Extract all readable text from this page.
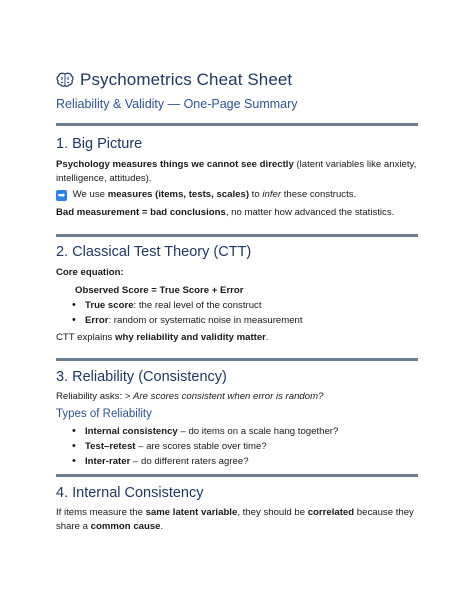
Psychometrics Cheat Sheet
Reliability & Validity — One-Page Summary
1. Big Picture
Psychology measures things we cannot see directly (latent variables like anxiety, intelligence, attitudes).
➡ We use measures (items, tests, scales) to infer these constructs.
Bad measurement = bad conclusions, no matter how advanced the statistics.
2. Classical Test Theory (CTT)
Core equation:
Observed Score = True Score + Error
• True score: the real level of the construct
• Error: random or systematic noise in measurement
CTT explains why reliability and validity matter.
3. Reliability (Consistency)
Reliability asks: > Are scores consistent when error is random?
Types of Reliability
• Internal consistency – do items on a scale hang together?
• Test–retest – are scores stable over time?
• Inter-rater – do different raters agree?
4. Internal Consistency
If items measure the same latent variable, they should be correlated because they share a common cause.
